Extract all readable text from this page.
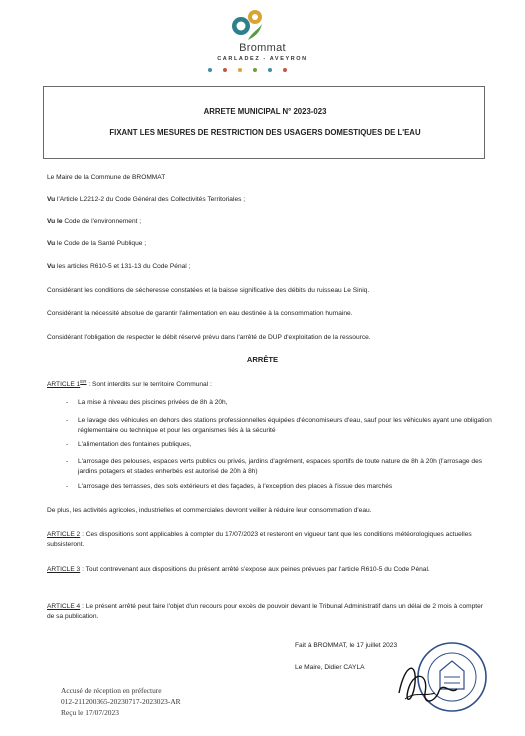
Brommat
CARLADEZ - AVEYRON
ARRETE MUNICIPAL N° 2023-023
FIXANT LES MESURES DE RESTRICTION DES USAGERS DOMESTIQUES DE L'EAU
Le Maire de la Commune de BROMMAT
Vu l'Article L2212-2 du Code Général des Collectivités Territoriales ;
Vu le Code de l'environnement ;
Vu le Code de la Santé Publique ;
Vu les articles R610-5 et 131-13 du Code Pénal ;
Considérant les conditions de sécheresse constatées et la baisse significative des débits du ruisseau Le Siniq.
Considérant la nécessité absolue de garantir l'alimentation en eau destinée à la consommation humaine.
Considérant l'obligation de respecter le débit réservé prévu dans l'arrêté de DUP d'exploitation de la ressource.
ARRÊTE
ARTICLE 1ER : Sont interdits sur le territoire Communal :
- La mise à niveau des piscines privées de 8h à 20h,
- Le lavage des véhicules en dehors des stations professionnelles équipées d'économiseurs d'eau, sauf pour les véhicules ayant une obligation réglementaire ou technique et pour les organismes liés à la sécurité
- L'alimentation des fontaines publiques,
- L'arrosage des pelouses, espaces verts publics ou privés, jardins d'agrément, espaces sportifs de toute nature de 8h à 20h (l'arrosage des jardins potagers et stades enherbés est autorisé de 20h à 8h)
- L'arrosage des terrasses, des sols extérieurs et des façades, à l'exception des places à l'issue des marchés
De plus, les activités agricoles, industrielles et commerciales devront veiller à réduire leur consommation d'eau.
ARTICLE 2 : Ces dispositions sont applicables à compter du 17/07/2023 et resteront en vigueur tant que les conditions météorologiques actuelles subsisteront.
ARTICLE 3 : Tout contrevenant aux dispositions du présent arrêté s'expose aux peines prévues par l'article R610-5 du Code Pénal.
ARTICLE 4 : Le présent arrêté peut faire l'objet d'un recours pour excès de pouvoir devant le Tribunal Administratif dans un délai de 2 mois à compter de sa publication.
Fait à BROMMAT, le 17 juillet 2023
Le Maire, Didier CAYLA
Accusé de réception en préfecture
012-211200365-20230717-2023023-AR
Reçu le 17/07/2023
